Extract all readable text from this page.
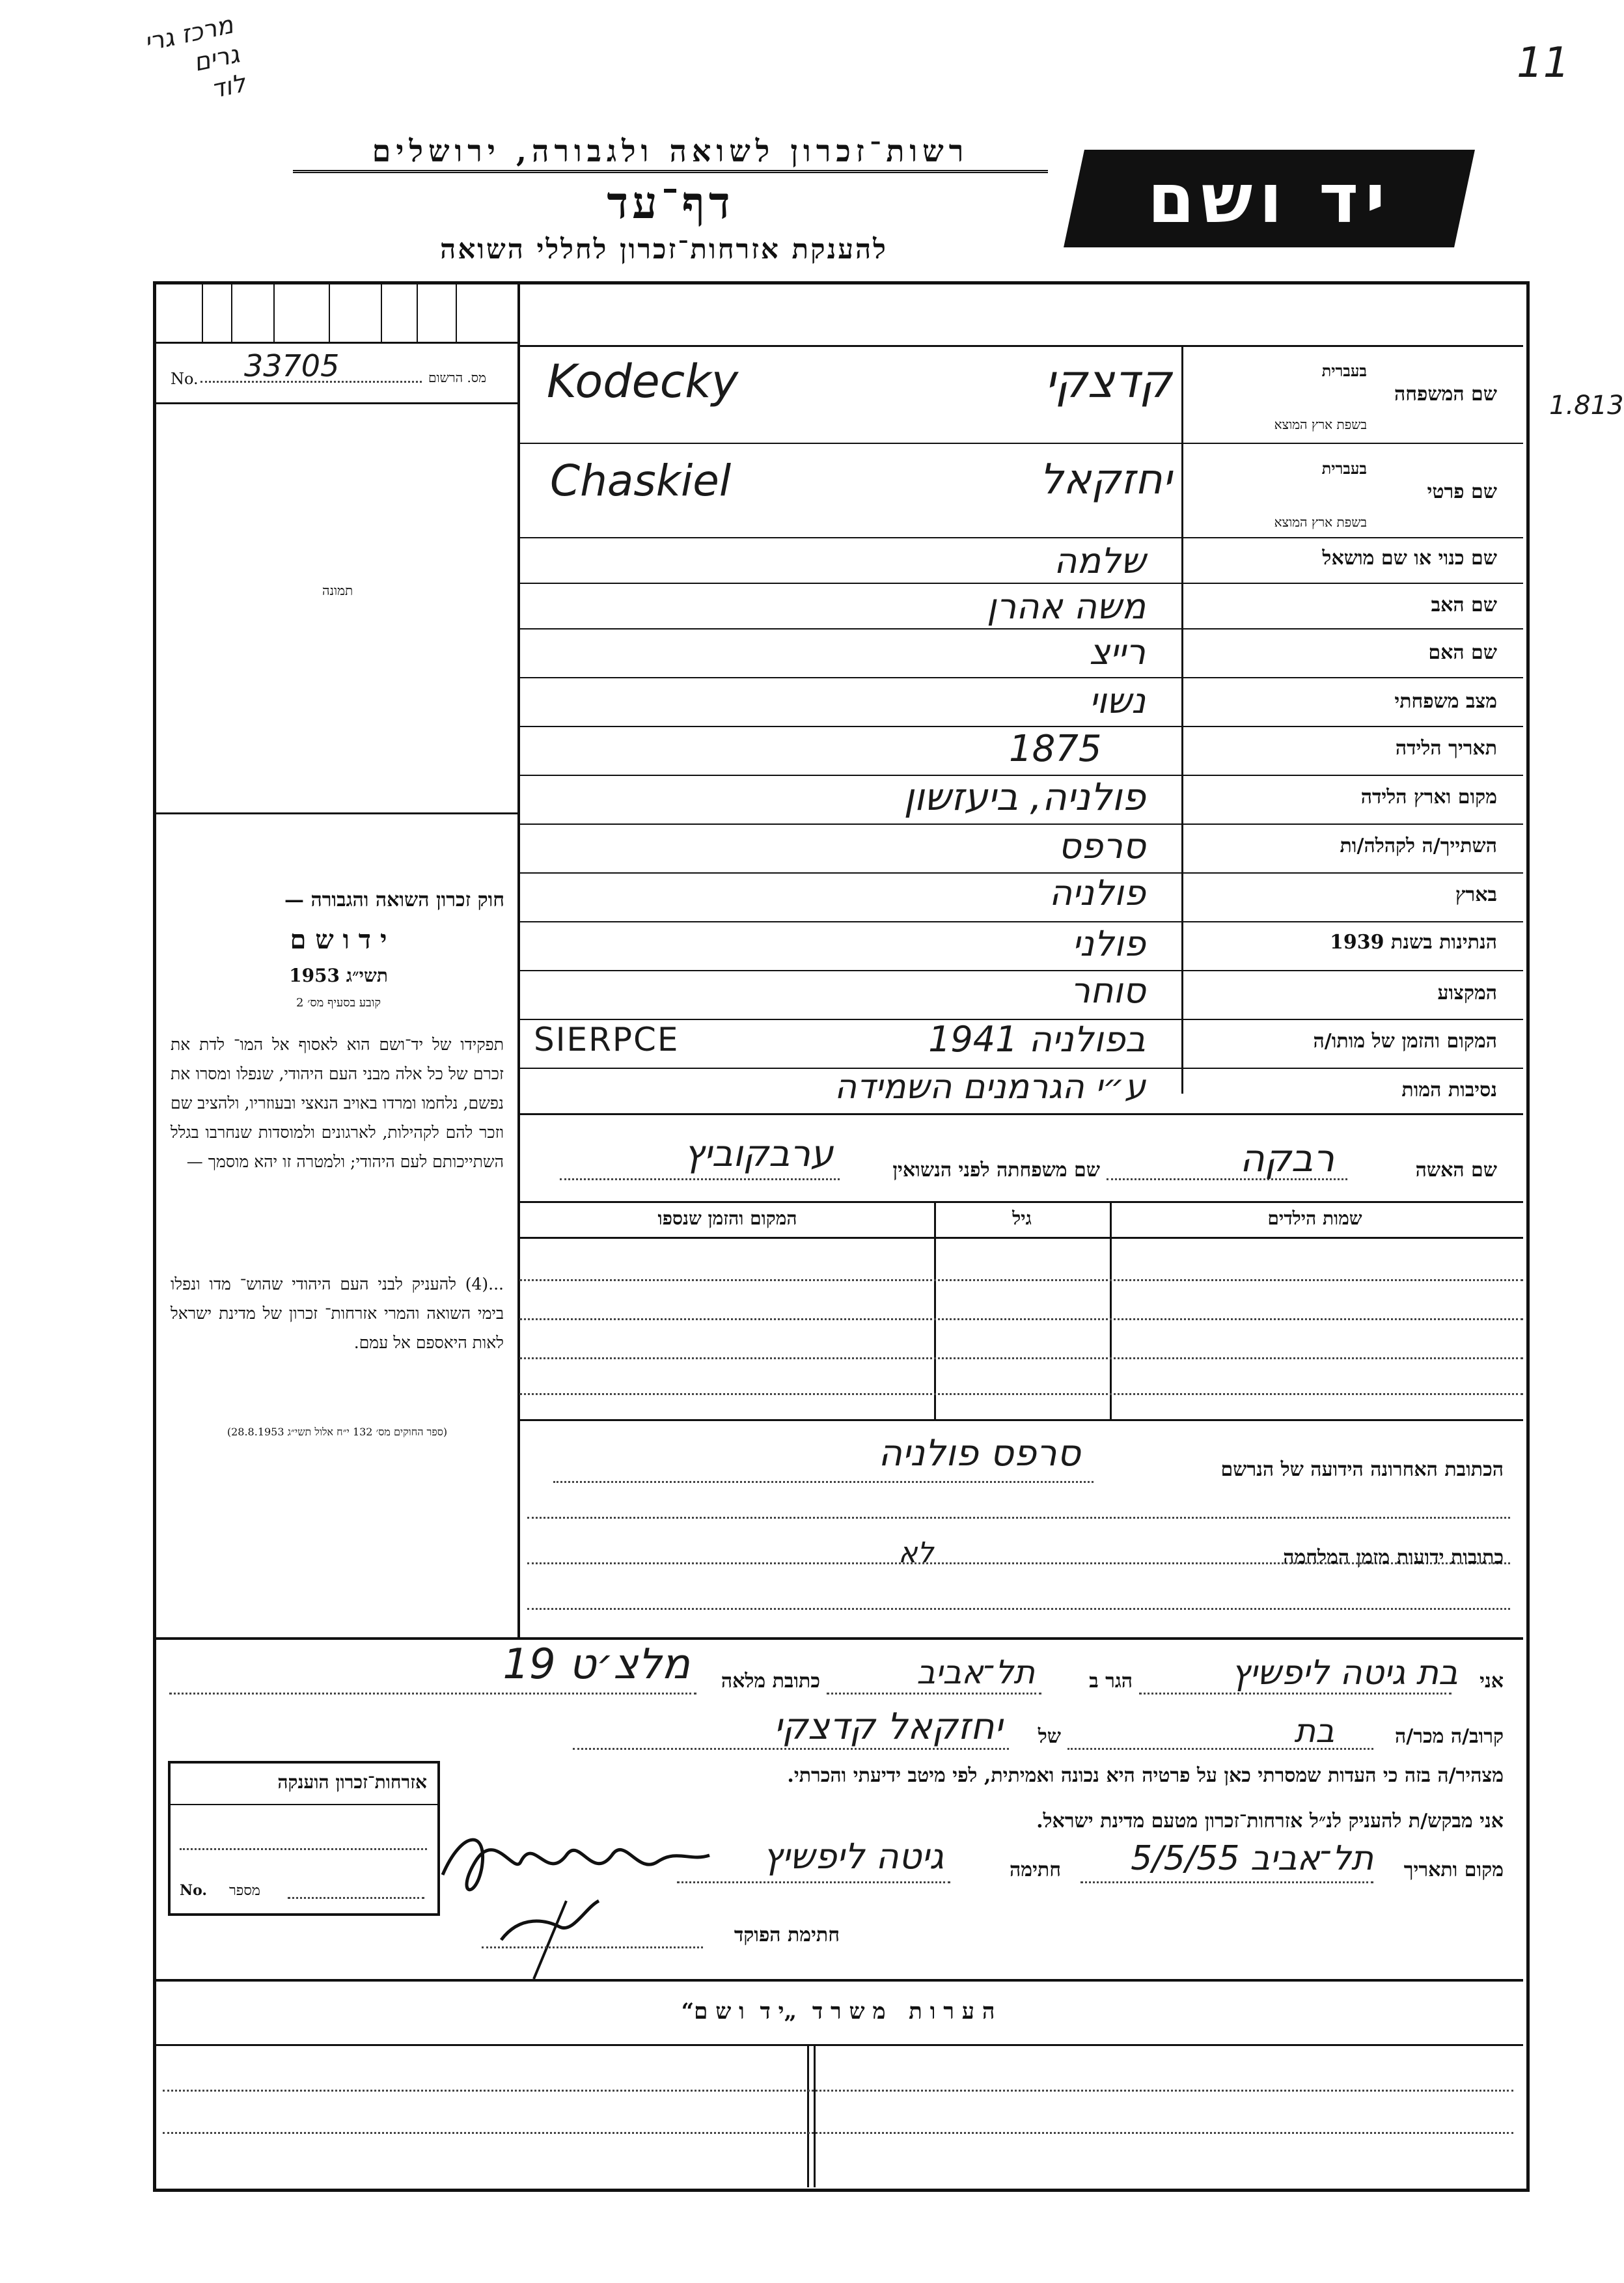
מרכז גרי
גרים
לוד	11
1.813
רשות־זכרון לשואה ולגבורה, ירושלים
דף־עד
להענקת אזרחות־זכרון לחללי השואה
יד ושם
No. 33705	מס. הרשום
תמונה
חוק זכרון השואה והגבורה —
י ד ו ש ם
תשי״ג 1953
קובע בסעיף מס׳ 2
תפקידו של יד־ושם הוא לאסוף אל המו־ לדת את זכרם של כל אלה מבני העם היהודי, שנפלו ומסרו את נפשם, נלחמו ומרדו באויב הנאצי ובעוזריו, ולהציב שם וזכר להם לקהילות, לארגונים ולמוסדות שנחרבו בגלל השתייכותם לעם היהודי; ולמטרה זו יהא מוסמך —
...(4) להעניק לבני העם היהודי שהוש־ מדו ונפלו בימי השואה והמרי אזרחות־ זכרון של מדינת ישראל לאות היאספם אל עמם.
(ספר החוקים מס׳ 132 י״ח אלול תשי״ג 28.8.1953)
שם המשפחה
בעברית
בשפת ארץ המוצא
Kodecky	קדצקי
שם פרטי
בעברית
בשפת ארץ המוצא
Chaskiel	יחזקאל
שם כנוי או שם מושאל
שלמה
שם האב
משה אהרן
שם האם
רייצ
מצב משפחתי
נשוי
תאריך הלידה
1875
מקום וארץ הלידה
פולניה, ביעזשון
השתייך/ה לקהלה/ות
סרפס
בארץ
פולניה
הנתינות בשנת 1939
פולני
המקצוע
סוחר
המקום והזמן של מותו/ה
SIERPCE	בפולניה 1941
נסיבות המות
ע״י הגרמנים השמידה
שם האשה
רבקה
שם משפחתה לפני הנשואין
ערבקוביץ
שמות הילדים
גיל
המקום והזמן שנספו
הכתובת האחרונה הידועה של הנרשם
סרפס פולניה
כתובות ידועות מזמן המלחמה
לא
אני
בת גיטה ליפשיץ
הגר ב
תל־אביב
כתובת מלאה
מלצ׳ט 19
קרוב/ה מכר/ה
בת
של
יחזקאל קדצקי
מצהיר/ה בזה כי העדות שמסרתי כאן על פרטיה היא נכונה ואמיתית, לפי מיטב ידיעתי והכרתי.
אני מבקש/ת להעניק לנ״ל אזרחות־זכרון מטעם מדינת ישראל.
מקום ותאריך
תל־אביב 5/5/55
חתימה
גיטה ליפשיץ
חתימת הפוקד
אזרחות־זכרון הוענקה
No. מספר
ה ע ר ו ת   מ ש ר ד  „י ד  ו ש ם“
